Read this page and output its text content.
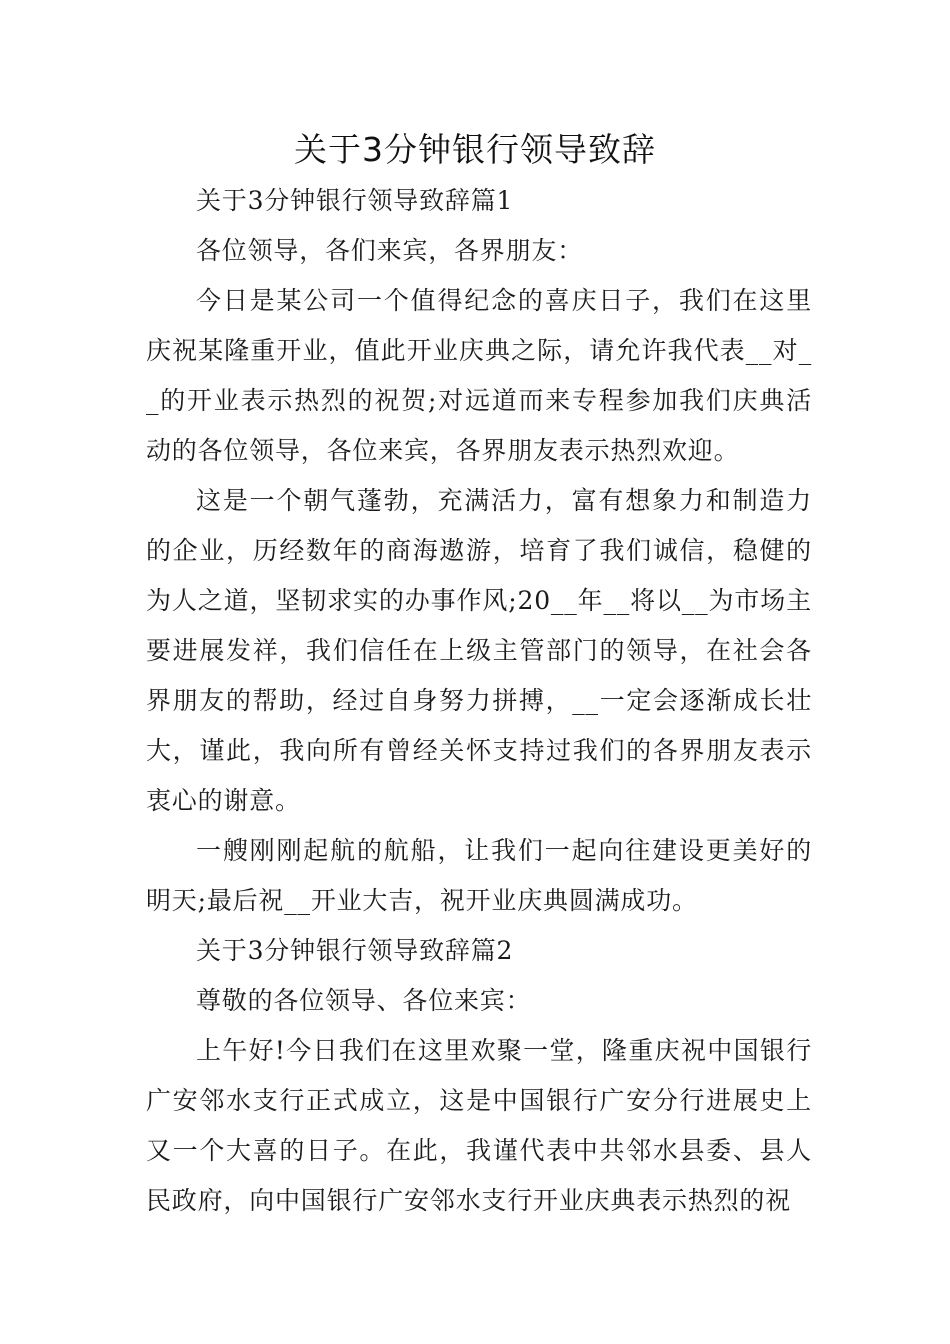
关于3分钟银行领导致辞

关于3分钟银行领导致辞篇1

各位领导，各们来宾，各界朋友：

今日是某公司一个值得纪念的喜庆日子，我们在这里庆祝某隆重开业，值此开业庆典之际，请允许我代表__对__的开业表示热烈的祝贺;对远道而来专程参加我们庆典活动的各位领导，各位来宾，各界朋友表示热烈欢迎。

这是一个朝气蓬勃，充满活力，富有想象力和制造力的企业，历经数年的商海遨游，培育了我们诚信，稳健的为人之道，坚韧求实的办事作风;20__年__将以__为市场主要进展发祥，我们信任在上级主管部门的领导，在社会各界朋友的帮助，经过自身努力拼搏，__一定会逐渐成长壮大，谨此，我向所有曾经关怀支持过我们的各界朋友表示衷心的谢意。

一艘刚刚起航的航船，让我们一起向往建设更美好的明天;最后祝__开业大吉，祝开业庆典圆满成功。

关于3分钟银行领导致辞篇2

尊敬的各位领导、各位来宾：

上午好!今日我们在这里欢聚一堂，隆重庆祝中国银行广安邻水支行正式成立，这是中国银行广安分行进展史上又一个大喜的日子。在此，我谨代表中共邻水县委、县人民政府，向中国银行广安邻水支行开业庆典表示热烈的祝
